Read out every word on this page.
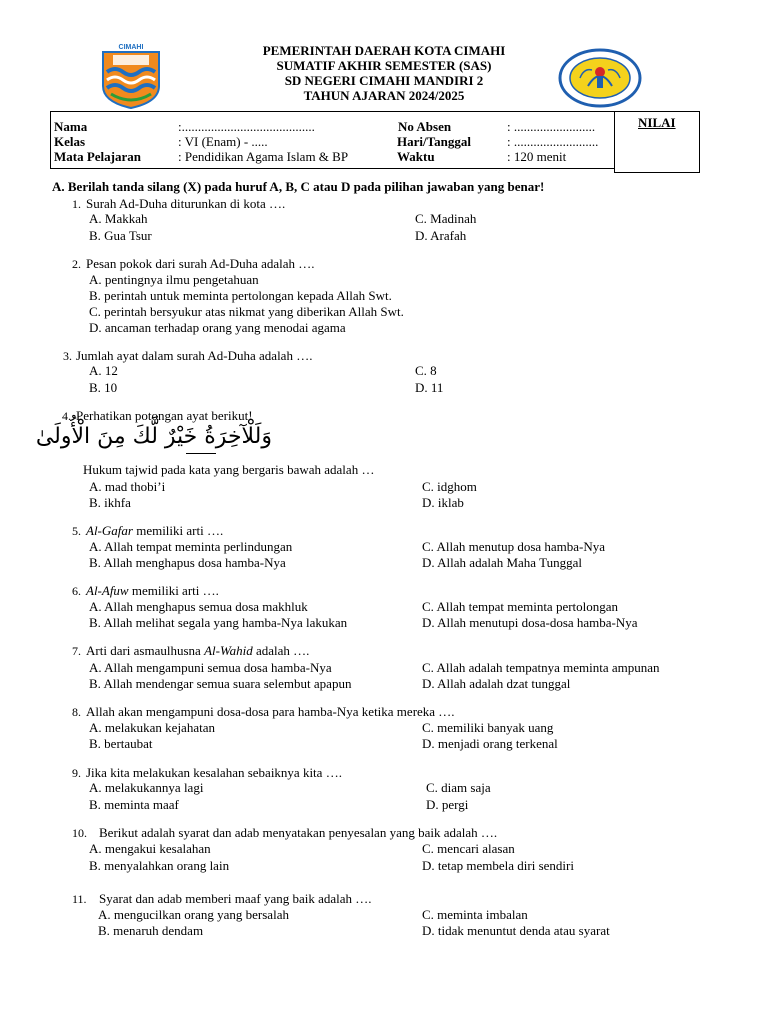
CIMAHI	PEMERINTAH DAERAH KOTA CIMAHI
SUMATIF AKHIR SEMESTER (SAS)
SD NEGERI CIMAHI MANDIRI 2
TAHUN AJARAN 2024/2025
Nama	:.........................................
Kelas	: VI (Enam) - .....
Mata Pelajaran	: Pendidikan Agama Islam & BP
No Absen	: .........................
Hari/Tanggal	: ..........................
Waktu	: 120 menit
NILAI
A. Berilah tanda silang (X) pada huruf A, B, C atau D pada pilihan jawaban yang benar!
1. Surah Ad-Duha diturunkan di kota ….
A. Makkah
B. Gua Tsur
C. Madinah
D. Arafah
2. Pesan pokok dari surah Ad-Duha adalah ….
A. pentingnya ilmu pengetahuan
B. perintah untuk meminta pertolongan kepada Allah Swt.
C. perintah bersyukur atas nikmat yang diberikan Allah Swt.
D. ancaman terhadap orang yang menodai agama
3. Jumlah ayat dalam surah Ad-Duha adalah ….
A. 12
B. 10
C. 8
D. 11
4. Perhatikan potongan ayat berikut!
وَلَلْآخِرَةُ خَيْرٌ لَّكَ مِنَ الْأُولَىٰ
Hukum tajwid pada kata yang bergaris bawah adalah …
A. mad thobi’i
B. ikhfa
C. idghom
D. iklab
5. Al-Gafar memiliki arti ….
A. Allah tempat meminta perlindungan
B. Allah menghapus dosa hamba-Nya
C. Allah menutup dosa hamba-Nya
D. Allah adalah Maha Tunggal
6. Al-Afuw memiliki arti ….
A. Allah menghapus semua dosa makhluk
B. Allah melihat segala yang hamba-Nya lakukan
C. Allah tempat meminta pertolongan
D. Allah menutupi dosa-dosa hamba-Nya
7. Arti dari asmaulhusna Al-Wahid adalah ….
A. Allah mengampuni semua dosa hamba-Nya
B. Allah mendengar semua suara selembut apapun
C. Allah adalah tempatnya meminta ampunan
D. Allah adalah dzat tunggal
8. Allah akan mengampuni dosa-dosa para hamba-Nya ketika mereka ….
A. melakukan kejahatan
B. bertaubat
C. memiliki banyak uang
D. menjadi orang terkenal
9. Jika kita melakukan kesalahan sebaiknya kita ….
A. melakukannya lagi
B. meminta maaf
C. diam saja
D. pergi
10. Berikut adalah syarat dan adab menyatakan penyesalan yang baik adalah ….
A. mengakui kesalahan
B. menyalahkan orang lain
C. mencari alasan
D. tetap membela diri sendiri
11. Syarat dan adab memberi maaf yang baik adalah ….
A. mengucilkan orang yang bersalah
B. menaruh dendam
C. meminta imbalan
D. tidak menuntut denda atau syarat
